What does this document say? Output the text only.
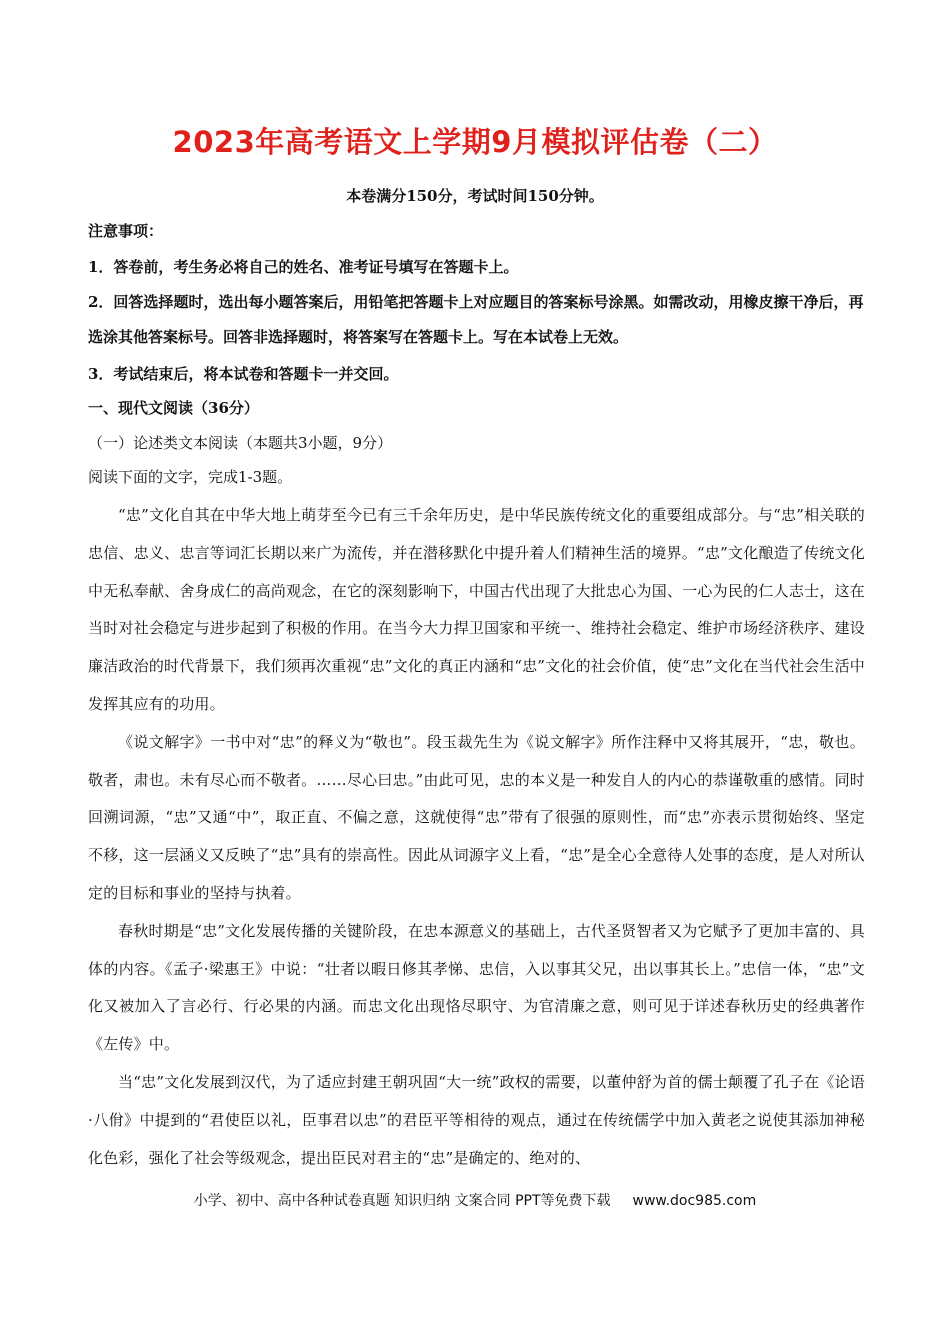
2023年高考语文上学期9月模拟评估卷（二）
本卷满分150分，考试时间150分钟。
注意事项：
1．答卷前，考生务必将自己的姓名、准考证号填写在答题卡上。
2．回答选择题时，选出每小题答案后，用铅笔把答题卡上对应题目的答案标号涂黑。如需改动，用橡皮擦干净后，再选涂其他答案标号。回答非选择题时，将答案写在答题卡上。写在本试卷上无效。
3．考试结束后，将本试卷和答题卡一并交回。
一、现代文阅读（36分）
（一）论述类文本阅读（本题共3小题，9分）
阅读下面的文字，完成1-3题。

“忠”文化自其在中华大地上萌芽至今已有三千余年历史，是中华民族传统文化的重要组成部分。与“忠”相关联的忠信、忠义、忠言等词汇长期以来广为流传，并在潜移默化中提升着人们精神生活的境界。“忠”文化酿造了传统文化中无私奉献、舍身成仁的高尚观念，在它的深刻影响下，中国古代出现了大批忠心为国、一心为民的仁人志士，这在当时对社会稳定与进步起到了积极的作用。在当今大力捍卫国家和平统一、维持社会稳定、维护市场经济秩序、建设廉洁政治的时代背景下，我们须再次重视“忠”文化的真正内涵和“忠”文化的社会价值，使“忠”文化在当代社会生活中发挥其应有的功用。

《说文解字》一书中对“忠”的释义为“敬也”。段玉裁先生为《说文解字》所作注释中又将其展开，“忠，敬也。敬者，肃也。未有尽心而不敬者。……尽心曰忠。”由此可见，忠的本义是一种发自人的内心的恭谨敬重的感情。同时回溯词源，“忠”又通“中”，取正直、不偏之意，这就使得“忠”带有了很强的原则性，而“忠”亦表示贯彻始终、坚定不移，这一层涵义又反映了“忠”具有的崇高性。因此从词源字义上看，“忠”是全心全意待人处事的态度，是人对所认定的目标和事业的坚持与执着。

春秋时期是“忠”文化发展传播的关键阶段，在忠本源意义的基础上，古代圣贤智者又为它赋予了更加丰富的、具体的内容。《孟子·梁惠王》中说：“壮者以暇日修其孝悌、忠信，入以事其父兄，出以事其长上。”忠信一体，“忠”文化又被加入了言必行、行必果的内涵。而忠文化出现恪尽职守、为官清廉之意，则可见于详述春秋历史的经典著作《左传》中。

当“忠”文化发展到汉代，为了适应封建王朝巩固“大一统”政权的需要，以董仲舒为首的儒士颠覆了孔子在《论语·八佾》中提到的“君使臣以礼，臣事君以忠”的君臣平等相待的观点，通过在传统儒学中加入黄老之说使其添加神秘化色彩，强化了社会等级观念，提出臣民对君主的“忠”是确定的、绝对的、

小学、初中、高中各种试卷真题 知识归纳 文案合同 PPT等免费下载 www.doc985.com
